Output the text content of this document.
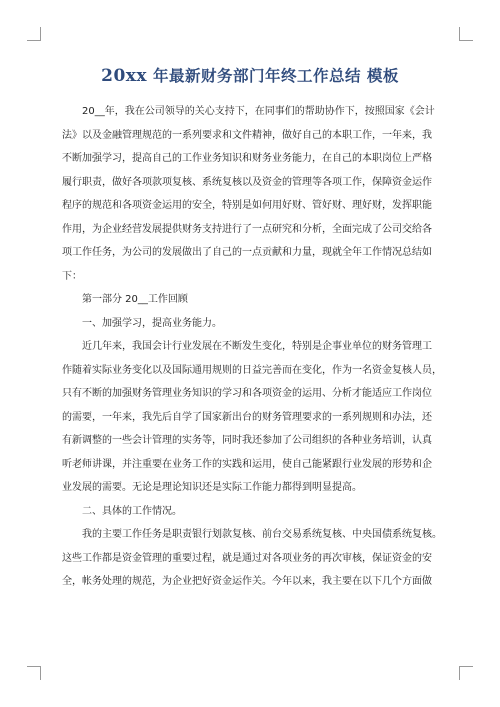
20xx 年最新财务部门年终工作总结 模板
20__年，我在公司领导的关心支持下，在同事们的帮助协作下，按照国家《会计
法》以及金融管理规范的一系列要求和文件精神，做好自己的本职工作，一年来，我
不断加强学习，提高自己的工作业务知识和财务业务能力，在自己的本职岗位上严格
履行职责，做好各项款项复核、系统复核以及资金的管理等各项工作，保障资金运作
程序的规范和各项资金运用的安全，特别是如何用好财、管好财、理好财，发挥职能
作用，为企业经营发展提供财务支持进行了一点研究和分析，全面完成了公司交给各
项工作任务，为公司的发展做出了自己的一点贡献和力量，现就全年工作情况总结如
下：
第一部分 20__工作回顾
一、加强学习，提高业务能力。
近几年来，我国会计行业发展在不断发生变化，特别是企事业单位的财务管理工
作随着实际业务变化以及国际通用规则的日益完善而在变化，作为一名资金复核人员，
只有不断的加强财务管理业务知识的学习和各项资金的运用、分析才能适应工作岗位
的需要，一年来，我先后自学了国家新出台的财务管理要求的一系列规则和办法，还
有新调整的一些会计管理的实务等，同时我还参加了公司组织的各种业务培训，认真
听老师讲课，并注重要在业务工作的实践和运用，使自己能紧跟行业发展的形势和企
业发展的需要。无论是理论知识还是实际工作能力都得到明显提高。
二、具体的工作情况。
我的主要工作任务是职责银行划款复核、前台交易系统复核、中央国债系统复核。
这些工作都是资金管理的重要过程，就是通过对各项业务的再次审核，保证资金的安
全，帐务处理的规范，为企业把好资金运作关。今年以来，我主要在以下几个方面做
